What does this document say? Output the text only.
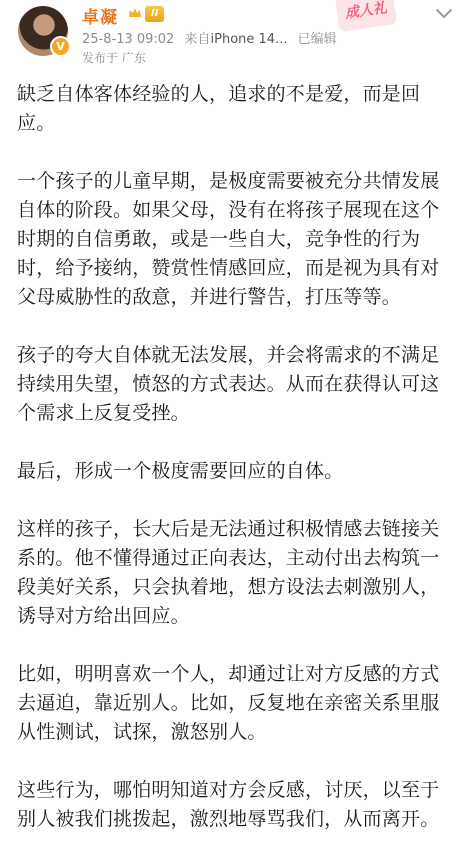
V
卓凝	II
25-8-13 09:02 来自iPhone 14... 已编辑
发布于 广东
成人礼

缺乏自体客体经验的人，追求的不是爱，而是回应。

一个孩子的儿童早期，是极度需要被充分共情发展自体的阶段。如果父母，没有在将孩子展现在这个时期的自信勇敢，或是一些自大，竞争性的行为时，给予接纳，赞赏性情感回应，而是视为具有对父母威胁性的敌意，并进行警告，打压等等。

孩子的夸大自体就无法发展，并会将需求的不满足持续用失望，愤怒的方式表达。从而在获得认可这个需求上反复受挫。

最后，形成一个极度需要回应的自体。

这样的孩子，长大后是无法通过积极情感去链接关系的。他不懂得通过正向表达，主动付出去构筑一段美好关系，只会执着地，想方设法去刺激别人，诱导对方给出回应。

比如，明明喜欢一个人，却通过让对方反感的方式去逼迫，靠近别人。比如，反复地在亲密关系里服从性测试，试探，激怒别人。

这些行为，哪怕明知道对方会反感，讨厌，以至于别人被我们挑拨起，激烈地辱骂我们，从而离开。
